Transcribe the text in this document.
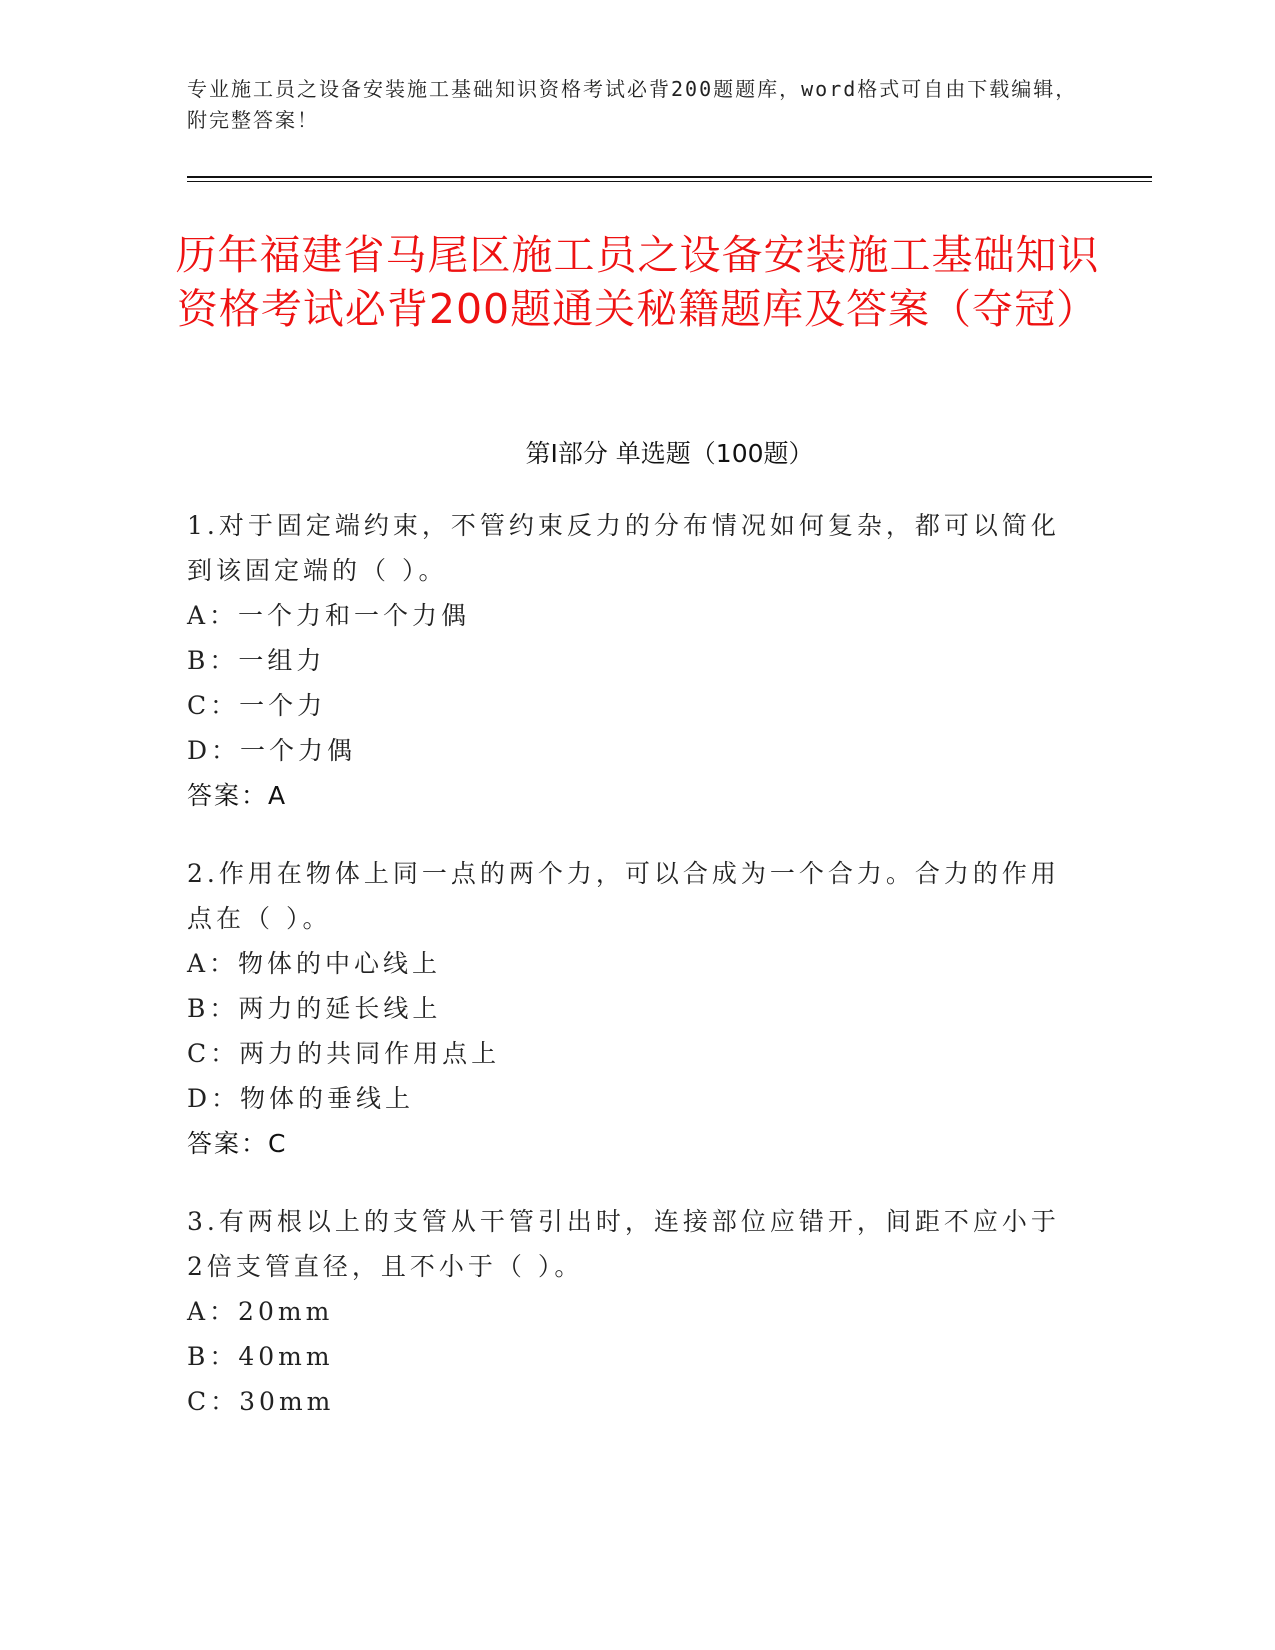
专业施工员之设备安装施工基础知识资格考试必背200题题库，word格式可自由下载编辑，附完整答案！
历年福建省马尾区施工员之设备安装施工基础知识资格考试必背200题通关秘籍题库及答案（夺冠）
第Ⅰ部分 单选题（100题）
1.对于固定端约束，不管约束反力的分布情况如何复杂，都可以简化到该固定端的（ ）。
A：一个力和一个力偶
B：一组力
C：一个力
D：一个力偶
答案：A
2.作用在物体上同一点的两个力，可以合成为一个合力。合力的作用点在（ ）。
A：物体的中心线上
B：两力的延长线上
C：两力的共同作用点上
D：物体的垂线上
答案：C
3.有两根以上的支管从干管引出时，连接部位应错开，间距不应小于2倍支管直径，且不小于（ ）。
A：20mm
B：40mm
C：30mm
